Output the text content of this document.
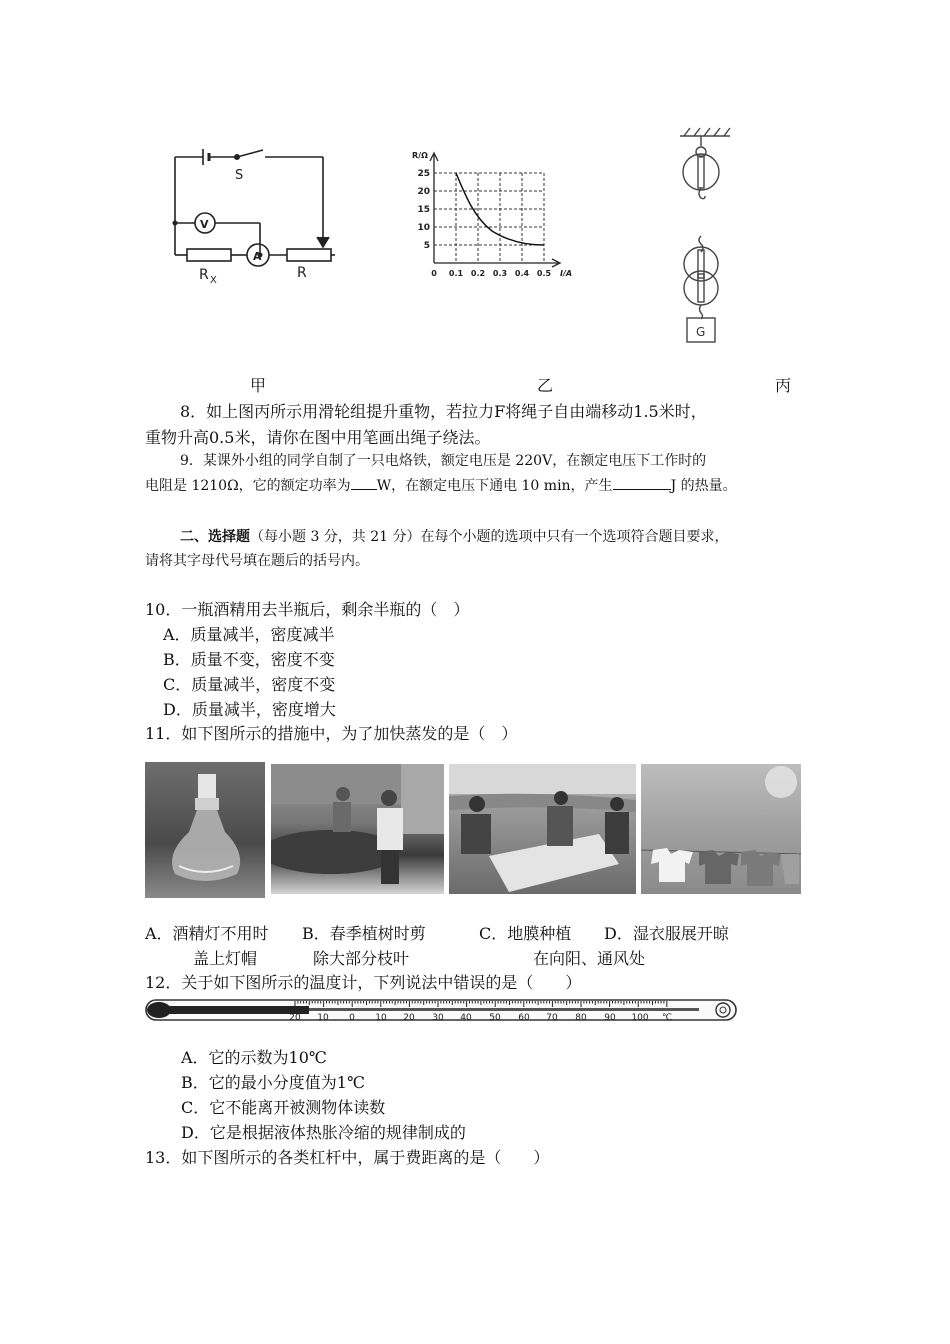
S
V
A
R X	R
R/Ω
25
20
15
10
5
0 0.1 0.2 0.3 0.4 0.5 I/A
G
甲	乙	丙
8．如上图丙所示用滑轮组提升重物，若拉力F将绳子自由端移动1.5米时，
重物升高0.5米，请你在图中用笔画出绳子绕法。
9．某课外小组的同学自制了一只电烙铁，额定电压是 220V，在额定电压下工作时的
电阻是 1210Ω，它的额定功率为 W，在额定电压下通电 10 min，产生	J 的热量。
二、选择题（每小题 3 分，共 21 分）在每个小题的选项中只有一个选项符合题目要求，
请将其字母代号填在题后的括号内。
10．一瓶酒精用去半瓶后，剩余半瓶的（　）
A．质量减半，密度减半
B．质量不变，密度不变
C．质量减半，密度不变
D．质量减半，密度增大
11．如下图所示的措施中，为了加快蒸发的是（　）
A．酒精灯不用时 B．春季植树时剪	C．地膜种植 D．湿衣服展开晾
盖上灯帽	除大部分枝叶	在向阳、通风处
12．关于如下图所示的温度计，下列说法中错误的是（　　）
20 10 0 10 20 30 40 50 60 70 80 90 100 ℃
A．它的示数为10℃
B．它的最小分度值为1℃
C．它不能离开被测物体读数
D．它是根据液体热胀冷缩的规律制成的
13．如下图所示的各类杠杆中，属于费距离的是（　　）
